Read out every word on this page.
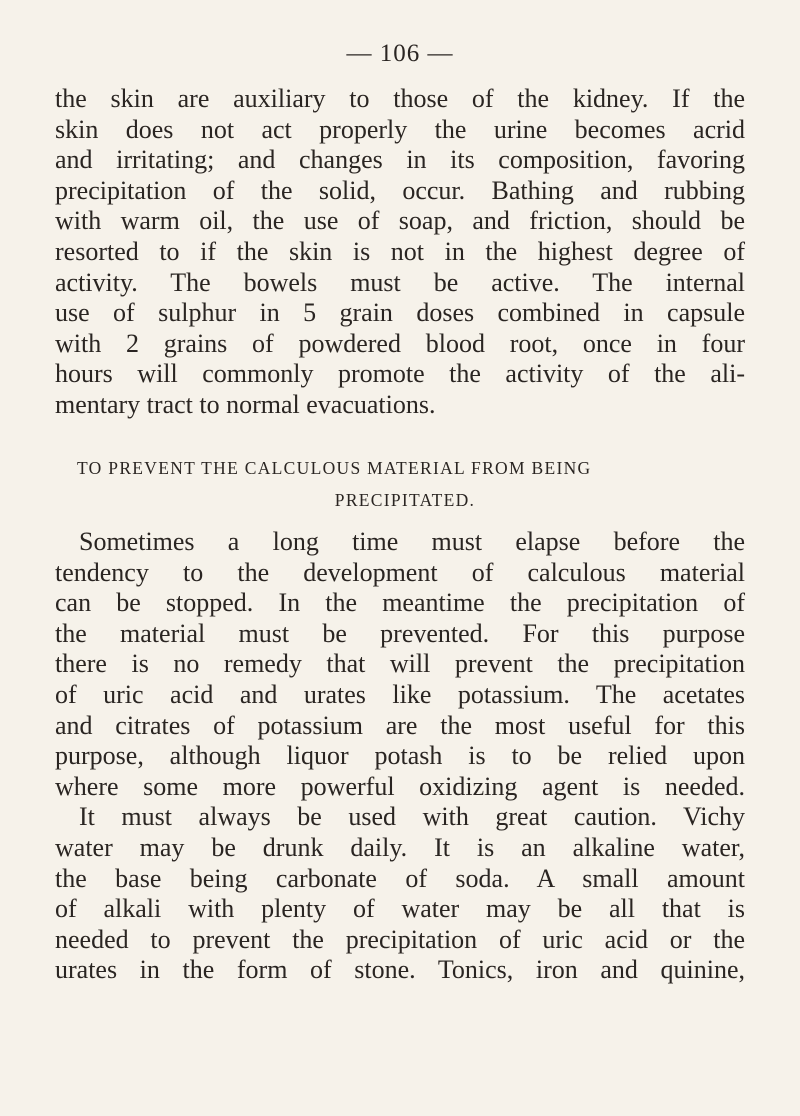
— 106 —
the skin are auxiliary to those of the kidney. If the
skin does not act properly the urine becomes acrid
and irritating; and changes in its composition, favoring
precipitation of the solid, occur. Bathing and rubbing
with warm oil, the use of soap, and friction, should be
resorted to if the skin is not in the highest degree of
activity. The bowels must be active. The internal
use of sulphur in 5 grain doses combined in capsule
with 2 grains of powdered blood root, once in four
hours will commonly promote the activity of the ali-
mentary tract to normal evacuations.
TO PREVENT THE CALCULOUS MATERIAL FROM BEING
PRECIPITATED.
Sometimes a long time must elapse before the
tendency to the development of calculous material
can be stopped. In the meantime the precipitation of
the material must be prevented. For this purpose
there is no remedy that will prevent the precipitation
of uric acid and urates like potassium. The acetates
and citrates of potassium are the most useful for this
purpose, although liquor potash is to be relied upon
where some more powerful oxidizing agent is needed.
It must always be used with great caution. Vichy
water may be drunk daily. It is an alkaline water,
the base being carbonate of soda. A small amount
of alkali with plenty of water may be all that is
needed to prevent the precipitation of uric acid or the
urates in the form of stone. Tonics, iron and quinine,
